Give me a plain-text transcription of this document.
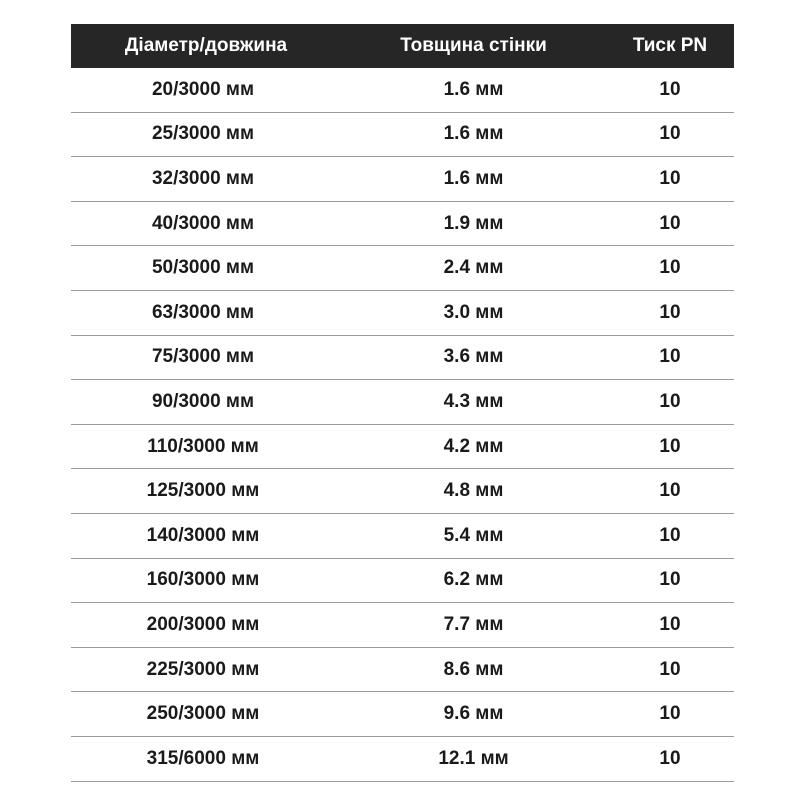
Діаметр/довжина	Товщина стінки	Тиск PN
20/3000 мм	1.6 мм	10
25/3000 мм	1.6 мм	10
32/3000 мм	1.6 мм	10
40/3000 мм	1.9 мм	10
50/3000 мм	2.4 мм	10
63/3000 мм	3.0 мм	10
75/3000 мм	3.6 мм	10
90/3000 мм	4.3 мм	10
110/3000 мм	4.2 мм	10
125/3000 мм	4.8 мм	10
140/3000 мм	5.4 мм	10
160/3000 мм	6.2 мм	10
200/3000 мм	7.7 мм	10
225/3000 мм	8.6 мм	10
250/3000 мм	9.6 мм	10
315/6000 мм	12.1 мм	10
